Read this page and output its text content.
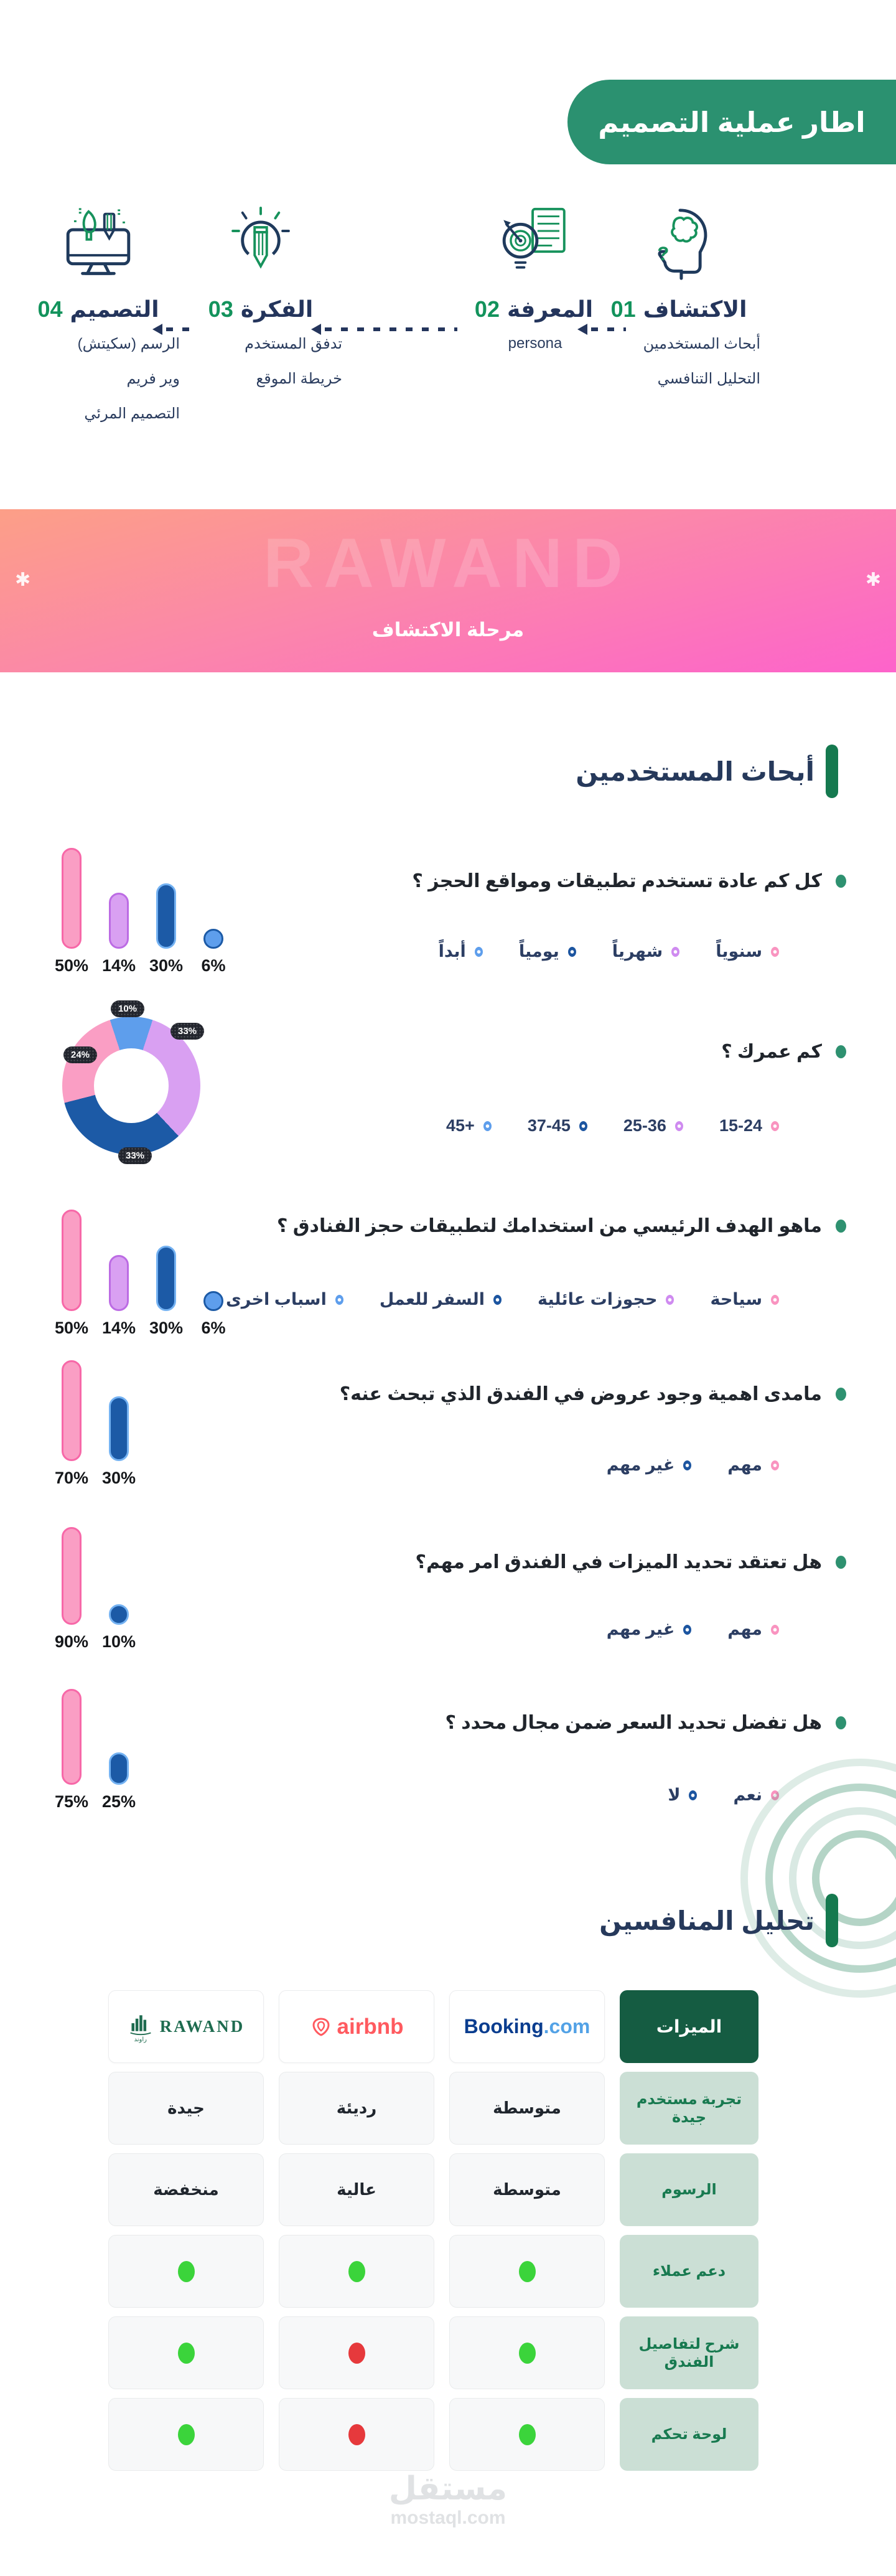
اطار عملية التصميم
?
الاكتشاف
01
أبحاث المستخدمين
التحليل التنافسي
المعرفة
02
persona
الفكرة
03
تدفق المستخدم
خريطة الموقع
التصميم
04
الرسم (سكيتش)
وير فريم
التصميم المرئي
RAWAND
مرحلة الاكتشاف
✱	✱
أبحاث المستخدمين
كل كم عادة تستخدم تطبيقات ومواقع الحجز ؟
سنوياً
شهرياً
يومياً
أبداً
50% 14% 30% 6%
كم عمرك ؟
15-24
25-36
37-45
+45
10%
33%
24%
33%
ماهو الهدف الرئيسي من استخدامك لتطبيقات حجز الفنادق ؟
سياحة
حجوزات عائلية
السفر للعمل
اسباب اخرى
50% 14% 30% 6%
مامدى اهمية وجود عروض في الفندق الذي تبحث عنه؟
مهم
غير مهم
70% 30%
هل تعتقد تحديد الميزات في الفندق امر مهم؟
مهم
غير مهم
90% 10%
هل تفضل تحديد السعر ضمن مجال محدد ؟
نعم
لا
75% 25%
تحليل المنافسين
الميزات
Booking.com
airbnb
راوند
RAWAND
تجربة مستخدم جيدة
متوسطة
رديئة
جيدة
الرسوم
متوسطة
عالية
منخفضة
دعم عملاء
شرح لتفاصيل الفندق
لوحة تحكم
مستقل
mostaql.com
